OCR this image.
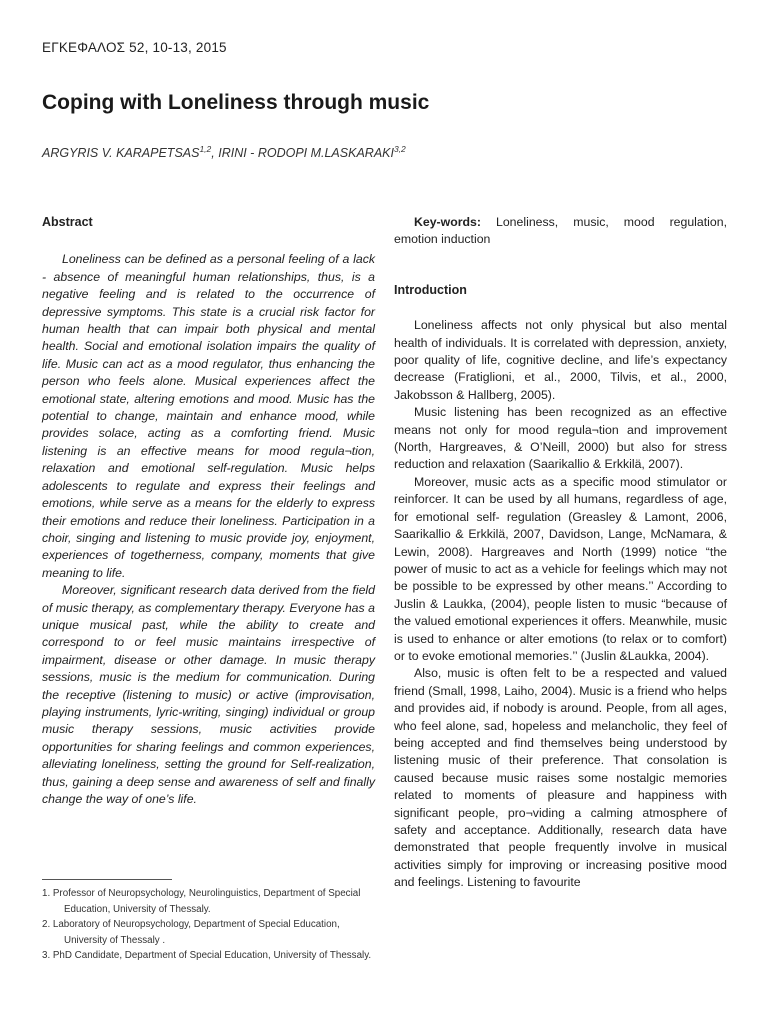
ΕΓΚΕΦΑΛΟΣ 52, 10-13, 2015
Coping with Loneliness through music
ARGYRIS V. KARAPETSAS$^{1,2}$, IRINI - RODOPI M.LASKARAKI$^{3,2}$
Abstract

Loneliness can be defined as a personal feeling of a lack - absence of meaningful human relationships, thus, is a negative feeling and is related to the occurrence of depressive symptoms. This state is a crucial risk factor for human health that can impair both physical and mental health. Social and emotional isolation impairs the quality of life. Music can act as a mood regulator, thus enhancing the person who feels alone. Musical experiences affect the emotional state, altering emotions and mood. Music has the potential to change, maintain and enhance mood, while provides solace, acting as a comforting friend. Music listening is an effective means for mood regula¬tion, relaxation and emotional self-regulation. Music helps adolescents to regulate and express their feelings and emotions, while serve as a means for the elderly to express their emotions and reduce their loneliness. Participation in a choir, singing and listening to music provide joy, enjoyment, experiences of togetherness, company, moments that give meaning to life.

Moreover, significant research data derived from the field of music therapy, as complementary therapy. Everyone has a unique musical past, while the ability to create and correspond to or feel music maintains irrespective of impairment, disease or other damage. In music therapy sessions, music is the medium for communication. During the receptive (listening to music) or active (improvisation, playing instruments, lyric-writing, singing) individual or group music therapy sessions, music activities provide opportunities for sharing feelings and common experiences, alleviating loneliness, setting the ground for Self-realization, thus, gaining a deep sense and awareness of self and finally change the way of one’s life.

Key-words: Loneliness, music, mood regulation, emotion induction

Introduction

Loneliness affects not only physical but also mental health of individuals. It is correlated with depression, anxiety, poor quality of life, cognitive decline, and life’s expectancy decrease (Fratiglioni, et al., 2000, Tilvis, et al., 2000, Jakobsson & Hallberg, 2005).

Music listening has been recognized as an effective means not only for mood regula¬tion and improvement (North, Hargreaves, & O’Neill, 2000) but also for stress reduction and relaxation (Saarikallio & Erkkilä, 2007).

Moreover, music acts as a specific mood stimulator or reinforcer. It can be used by all humans, regardless of age, for emotional self- regulation (Greasley & Lamont, 2006, Saarikallio & Erkkilä, 2007, Davidson, Lange, McNamara, & Lewin, 2008). Hargreaves and North (1999) notice “the power of music to act as a vehicle for feelings which may not be possible to be expressed by other means.’’ According to Juslin & Laukka, (2004), people listen to music “because of the valued emotional experiences it offers. Meanwhile, music is used to enhance or alter emotions (to relax or to comfort) or to evoke emotional memories.’’ (Juslin &Laukka, 2004).

Also, music is often felt to be a respected and valued friend (Small, 1998, Laiho, 2004). Music is a friend who helps and provides aid, if nobody is around. People, from all ages, who feel alone, sad, hopeless and melancholic, they feel of being accepted and find themselves being understood by listening music of their preference. That consolation is caused because music raises some nostalgic memories related to moments of pleasure and happiness with significant people, pro¬viding a calming atmosphere of safety and acceptance. Additionally, research data have demonstrated that people frequently involve in musical activities simply for improving or increasing positive mood and feelings. Listening to favourite

1. Professor of Neuropsychology, Neurolinguistics, Department of Special Education, University of Thessaly.
2. Laboratory of Neuropsychology, Department of Special Education, University of Thessaly .
3. PhD Candidate, Department of Special Education, University of Thessaly.
